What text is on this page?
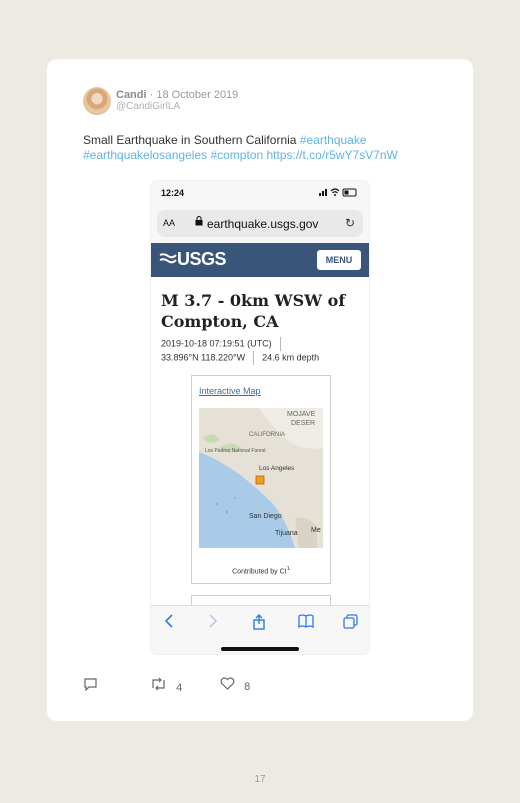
Candi · 18 October 2019
@CandiGirlLA
Small Earthquake in Southern California #earthquake
#earthquakelosangeles #compton https://t.co/r5wY7sV7nW
12:24
AA	earthquake.usgs.gov ↻
USGS	MENU
M 3.7 - 0km WSW of Compton, CA
2019-10-18 07:19:51 (UTC)
33.896°N 118.220°W 24.6 km depth
Interactive Map
MOJAVE
DESER
CALIFORNIA
Los Padres National Forest
Los Angeles
San Diego
Tijuana Me
Contributed by $CI^1$
4	8
17
